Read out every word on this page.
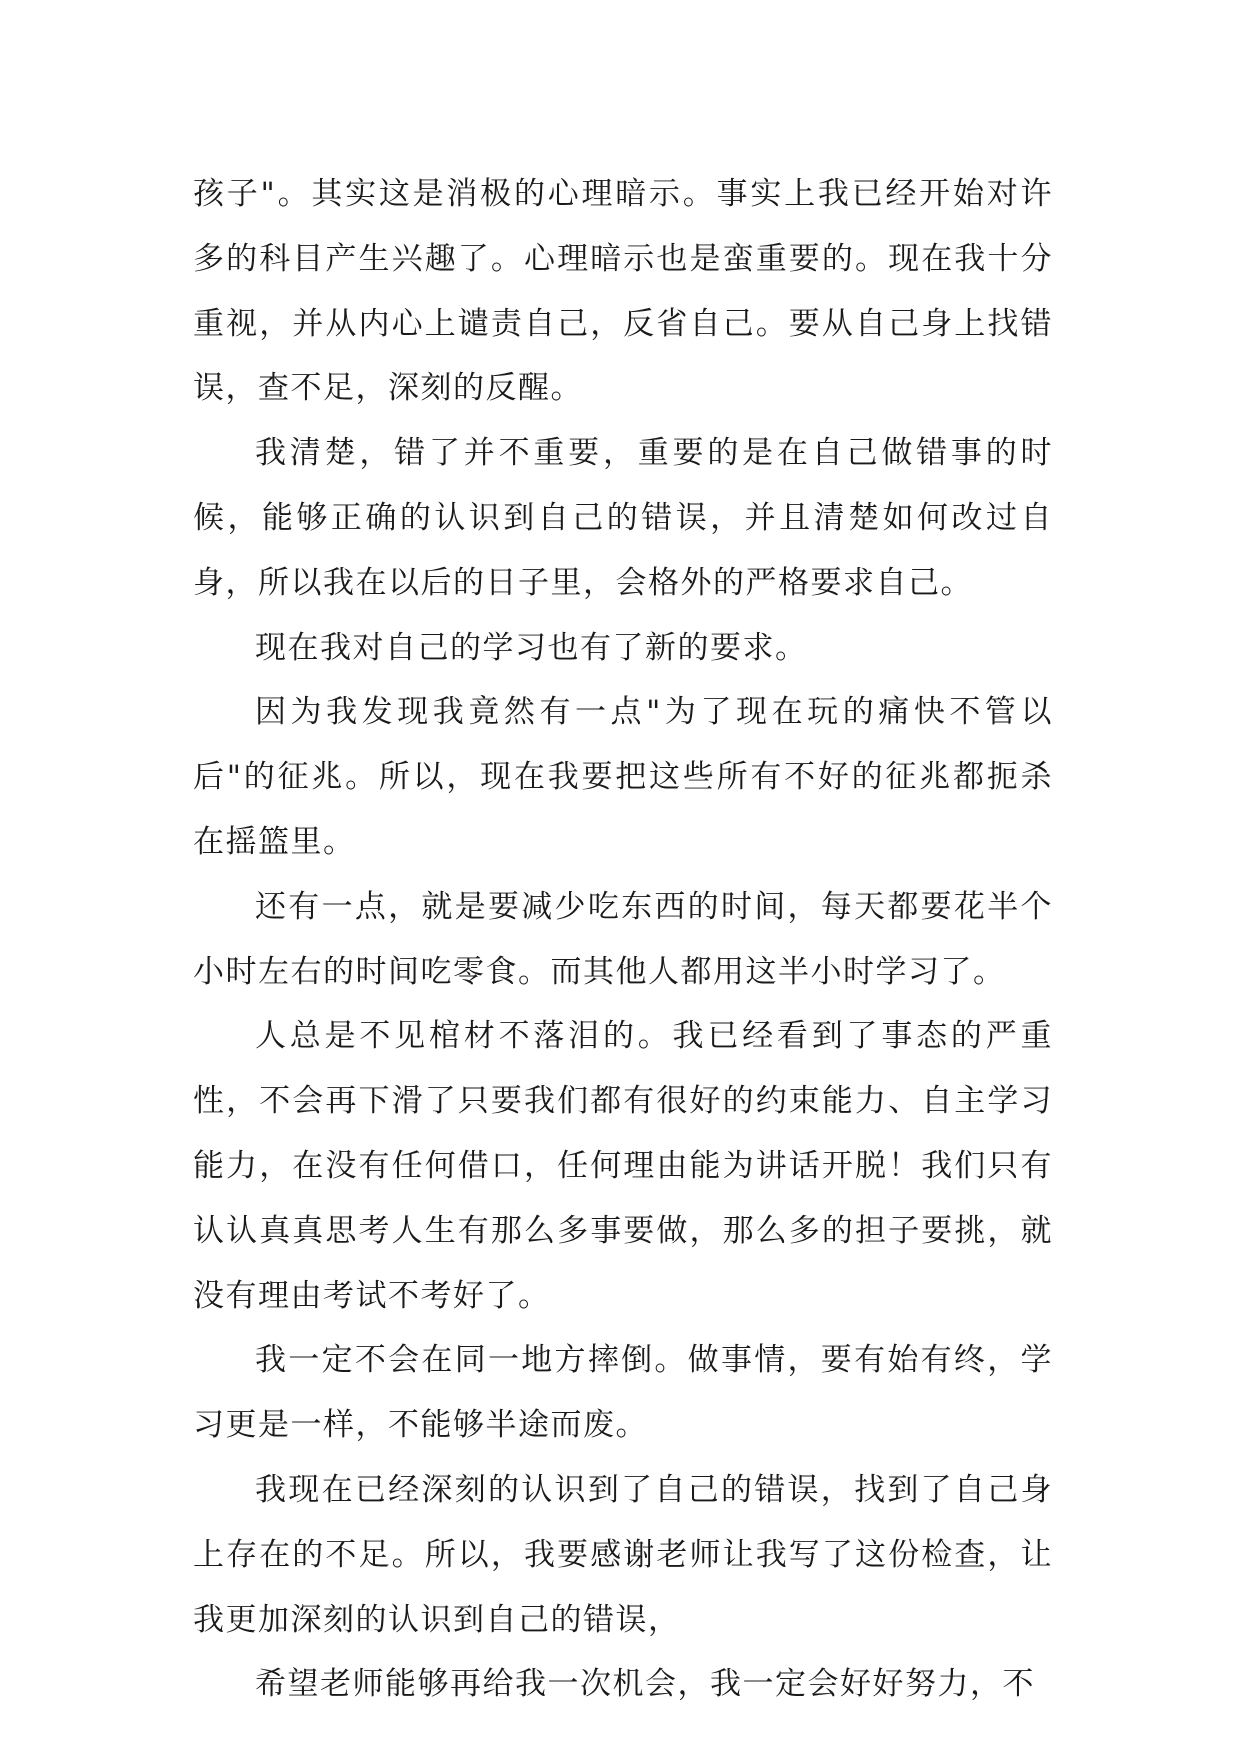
孩子"。其实这是消极的心理暗示。事实上我已经开始对许多的科目产生兴趣了。心理暗示也是蛮重要的。现在我十分重视，并从内心上谴责自己，反省自己。要从自己身上找错误，查不足，深刻的反醒。

我清楚，错了并不重要，重要的是在自己做错事的时候，能够正确的认识到自己的错误，并且清楚如何改过自身，所以我在以后的日子里，会格外的严格要求自己。

现在我对自己的学习也有了新的要求。

因为我发现我竟然有一点"为了现在玩的痛快不管以后"的征兆。所以，现在我要把这些所有不好的征兆都扼杀在摇篮里。

还有一点，就是要减少吃东西的时间，每天都要花半个小时左右的时间吃零食。而其他人都用这半小时学习了。

人总是不见棺材不落泪的。我已经看到了事态的严重性，不会再下滑了只要我们都有很好的约束能力、自主学习能力，在没有任何借口，任何理由能为讲话开脱！我们只有认认真真思考人生有那么多事要做，那么多的担子要挑，就没有理由考试不考好了。

我一定不会在同一地方摔倒。做事情，要有始有终，学习更是一样，不能够半途而废。

我现在已经深刻的认识到了自己的错误，找到了自己身上存在的不足。所以，我要感谢老师让我写了这份检查，让我更加深刻的认识到自己的错误，

希望老师能够再给我一次机会，我一定会好好努力，不
